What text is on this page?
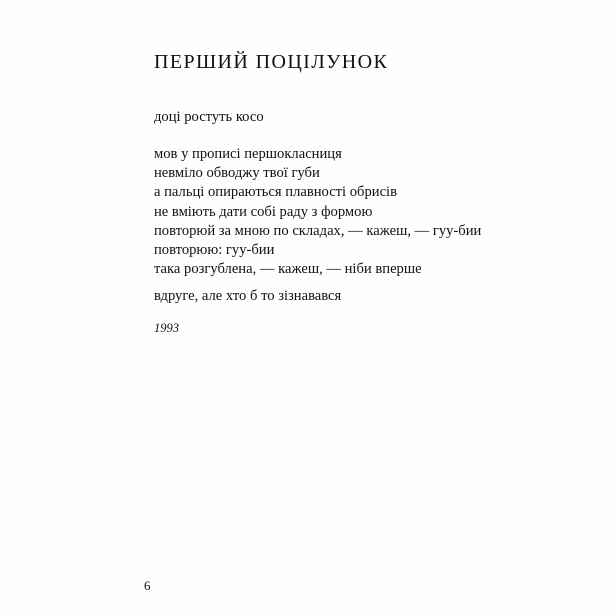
ПЕРШИЙ ПОЦІЛУНОК
доці ростуть косо
мов у прописі першокласниця
невміло обводжу твої губи
а пальці опираються плавності обрисів
не вміють дати собі раду з формою
повторюй за мною по складах, — кажеш, — гуу-бии
повторюю: гуу-бии
така розгублена, — кажеш, — ніби вперше
вдруге, але хто б то зізнавався
1993
6
